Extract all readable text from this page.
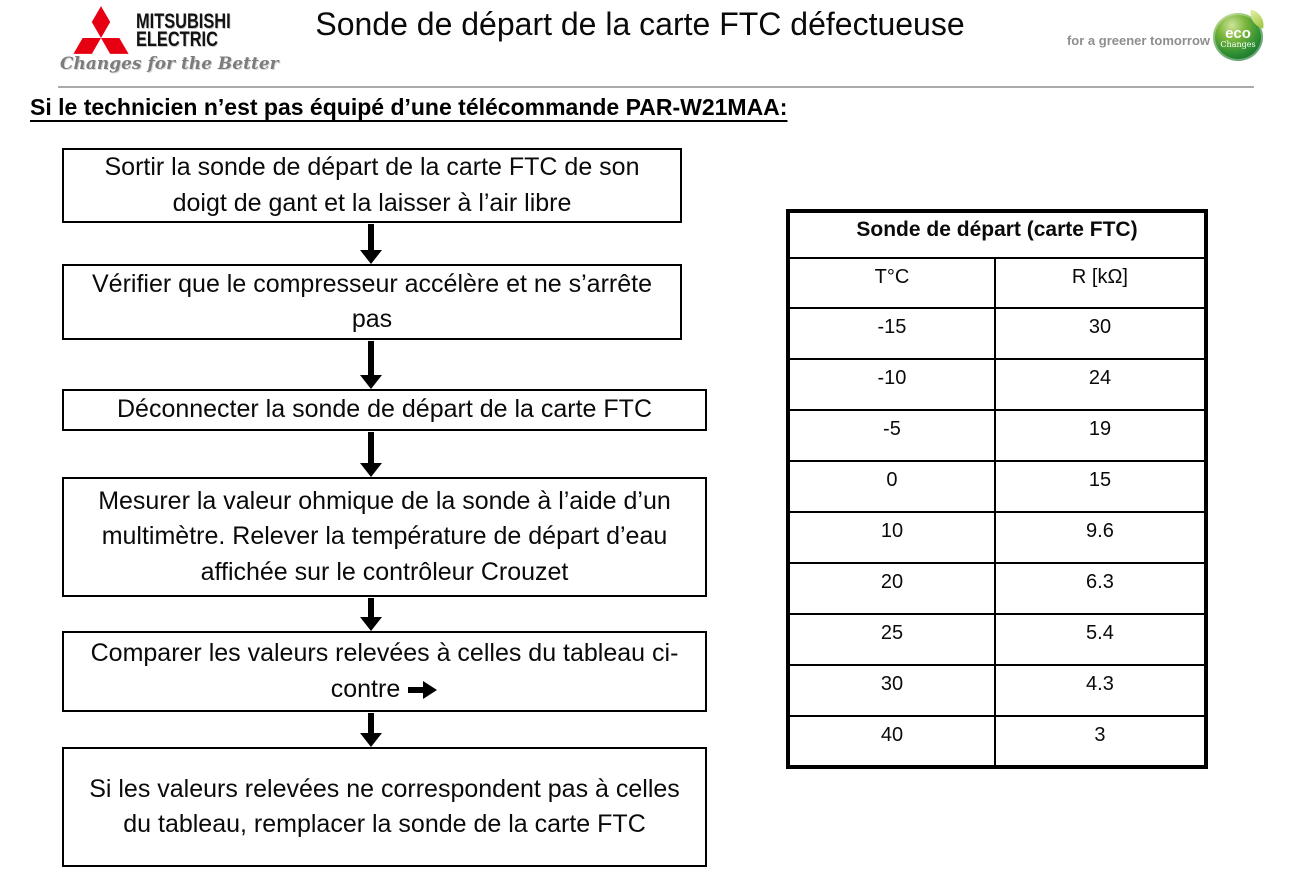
MITSUBISHI
ELECTRIC
Changes for the Better
Sonde de départ de la carte FTC défectueuse	for a greener tomorrow eco
Changes
Si le technicien n’est pas équipé d’une télécommande PAR-W21MAA:
Sortir la sonde de départ de la carte FTC de son doigt de gant et la laisser à l’air libre
Vérifier que le compresseur accélère et ne s’arrête pas
Déconnecter la sonde de départ de la carte FTC
Mesurer la valeur ohmique de la sonde à l’aide d’un multimètre. Relever la température de départ d’eau affichée sur le contrôleur Crouzet
Comparer les valeurs relevées à celles du tableau ci-contre
Si les valeurs relevées ne correspondent pas à celles du tableau, remplacer la sonde de la carte FTC
Sonde de départ (carte FTC)	
T°C	R [kΩ]
-15	30
-10	24
-5	19
0	15
10	9.6
20	6.3
25	5.4
30	4.3
40	3
